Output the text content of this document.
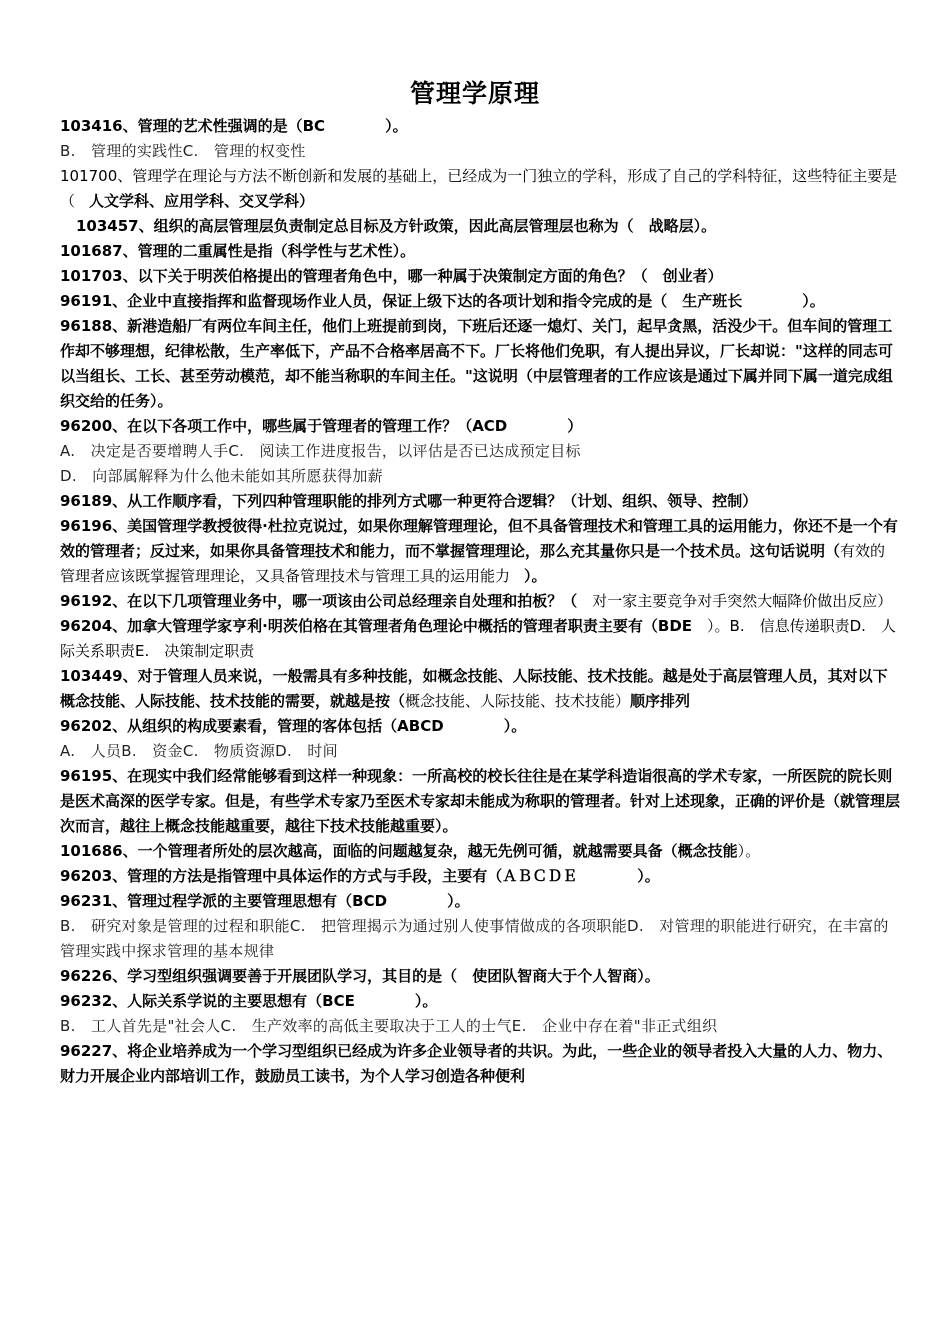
管理学原理

103416、管理的艺术性强调的是（BC	）。

B.　管理的实践性C.　管理的权变性

101700、管理学在理论与方法不断创新和发展的基础上，已经成为一门独立的学科，形成了自己的学科特征，这些特征主要是（ 人文学科、应用学科、交叉学科）

103457、组织的高层管理层负责制定总目标及方针政策，因此高层管理层也称为（　战略层）。

101687、管理的二重属性是指（科学性与艺术性）。

101703、以下关于明茨伯格提出的管理者角色中，哪一种属于决策制定方面的角色？（　创业者）

96191、企业中直接指挥和监督现场作业人员，保证上级下达的各项计划和指令完成的是（　生产班长	）。

96188、新港造船厂有两位车间主任，他们上班提前到岗，下班后还逐一熄灯、关门，起早贪黑，活没少干。但车间的管理工作却不够理想，纪律松散，生产率低下，产品不合格率居高不下。厂长将他们免职，有人提出异议，厂长却说："这样的同志可以当组长、工长、甚至劳动模范，却不能当称职的车间主任。"这说明（中层管理者的工作应该是通过下属并同下属一道完成组织交给的任务）。

96200、在以下各项工作中，哪些属于管理者的管理工作？（ACD	）

A.　决定是否要增聘人手C.　阅读工作进度报告，以评估是否已达成预定目标

D.　向部属解释为什么他未能如其所愿获得加薪

96189、从工作顺序看，下列四种管理职能的排列方式哪一种更符合逻辑？（计划、组织、领导、控制）

96196、美国管理学教授彼得·杜拉克说过，如果你理解管理理论，但不具备管理技术和管理工具的运用能力，你还不是一个有效的管理者；反过来，如果你具备管理技术和能力，而不掌握管理理论，那么充其量你只是一个技术员。这句话说明（有效的管理者应该既掌握管理理论，又具备管理技术与管理工具的运用能力 ）。

96192、在以下几项管理业务中，哪一项该由公司总经理亲自处理和拍板？（　对一家主要竞争对手突然大幅降价做出反应）

96204、加拿大管理学家亨利·明茨伯格在其管理者角色理论中概括的管理者职责主要有（BDE　）。B.　信息传递职责D.　人际关系职责E.　决策制定职责

103449、对于管理人员来说，一般需具有多种技能，如概念技能、人际技能、技术技能。越是处于高层管理人员，其对以下概念技能、人际技能、技术技能的需要，就越是按（概念技能、人际技能、技术技能）顺序排列

96202、从组织的构成要素看，管理的客体包括（ABCD	）。

A.　人员B.　资金C.　物质资源D.　时间

96195、在现实中我们经常能够看到这样一种现象：一所高校的校长往往是在某学科造诣很高的学术专家，一所医院的院长则是医术高深的医学专家。但是，有些学术专家乃至医术专家却未能成为称职的管理者。针对上述现象，正确的评价是（就管理层次而言，越往上概念技能越重要，越往下技术技能越重要）。

101686、一个管理者所处的层次越高，面临的问题越复杂，越无先例可循，就越需要具备（概念技能）。

96203、管理的方法是指管理中具体运作的方式与手段，主要有（ＡＢＣＤＥ	）。

96231、管理过程学派的主要管理思想有（BCD	）。

B.　研究对象是管理的过程和职能C.　把管理揭示为通过别人使事情做成的各项职能D.　对管理的职能进行研究，在丰富的管理实践中探求管理的基本规律

96226、学习型组织强调要善于开展团队学习，其目的是（　使团队智商大于个人智商）。

96232、人际关系学说的主要思想有（BCE	）。

B.　工人首先是"社会人C.　生产效率的高低主要取决于工人的士气E.　企业中存在着"非正式组织

96227、将企业培养成为一个学习型组织已经成为许多企业领导者的共识。为此，一些企业的领导者投入大量的人力、物力、财力开展企业内部培训工作，鼓励员工读书，为个人学习创造各种便利
